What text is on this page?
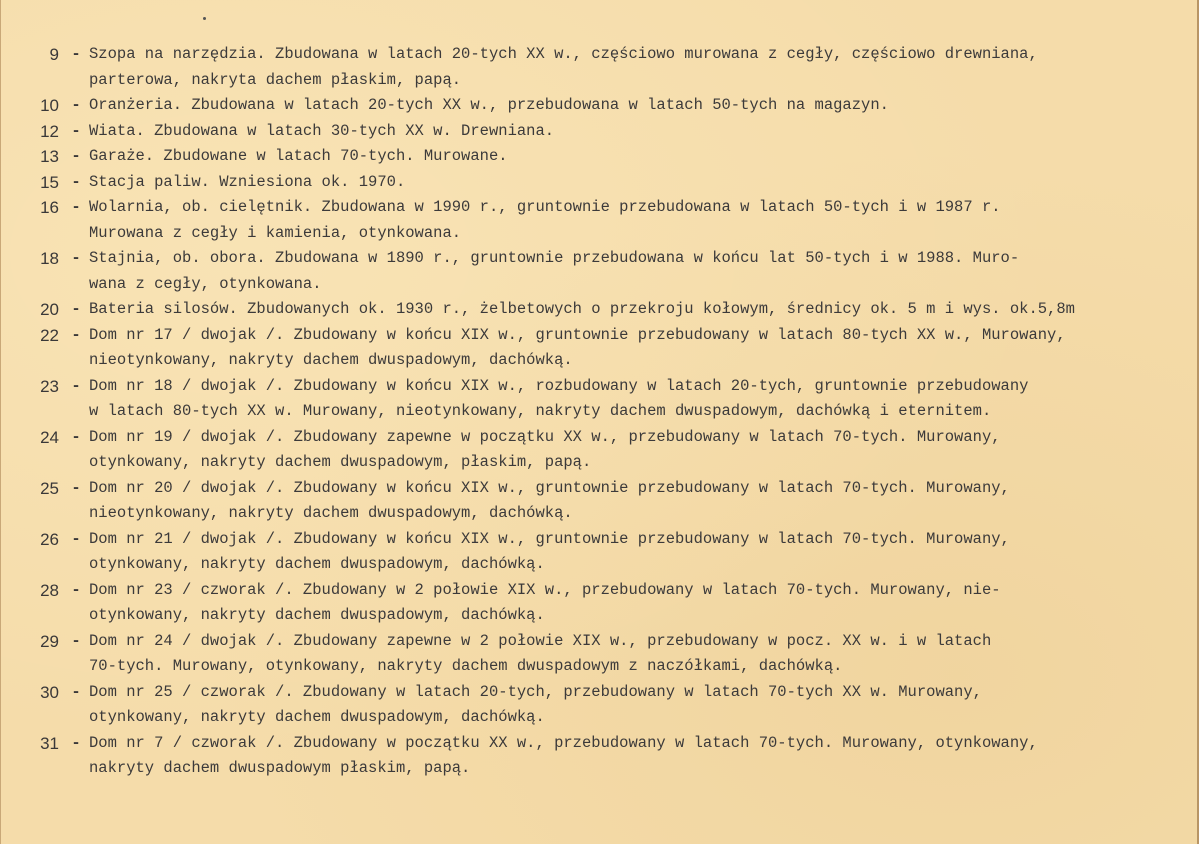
9 - Szopa na narzędzia. Zbudowana w latach 20-tych XX w., częściowo murowana z cegły, częściowo drewniana,
parterowa, nakryta dachem płaskim, papą.
10 - Oranżeria. Zbudowana w latach 20-tych XX w., przebudowana w latach 50-tych na magazyn.
12 - Wiata. Zbudowana w latach 30-tych XX w. Drewniana.
13 - Garaże. Zbudowane w latach 70-tych. Murowane.
15 - Stacja paliw. Wzniesiona ok. 1970.
16 - Wolarnia, ob. cielętnik. Zbudowana w 1990 r., gruntownie przebudowana w latach 50-tych i w 1987 r.
Murowana z cegły i kamienia, otynkowana.
18 - Stajnia, ob. obora. Zbudowana w 1890 r., gruntownie przebudowana w końcu lat 50-tych i w 1988. Muro-
wana z cegły, otynkowana.
20 - Bateria silosów. Zbudowanych ok. 1930 r., żelbetowych o przekroju kołowym, średnicy ok. 5 m i wys. ok.5,8m
22 - Dom nr 17 / dwojak /. Zbudowany w końcu XIX w., gruntownie przebudowany w latach 80-tych XX w., Murowany,
nieotynkowany, nakryty dachem dwuspadowym, dachówką.
23 - Dom nr 18 / dwojak /. Zbudowany w końcu XIX w., rozbudowany w latach 20-tych, gruntownie przebudowany
w latach 80-tych XX w. Murowany, nieotynkowany, nakryty dachem dwuspadowym, dachówką i eternitem.
24 - Dom nr 19 / dwojak /. Zbudowany zapewne w początku XX w., przebudowany w latach 70-tych. Murowany,
otynkowany, nakryty dachem dwuspadowym, płaskim, papą.
25 - Dom nr 20 / dwojak /. Zbudowany w końcu XIX w., gruntownie przebudowany w latach 70-tych. Murowany,
nieotynkowany, nakryty dachem dwuspadowym, dachówką.
26 - Dom nr 21 / dwojak /. Zbudowany w końcu XIX w., gruntownie przebudowany w latach 70-tych. Murowany,
otynkowany, nakryty dachem dwuspadowym, dachówką.
28 - Dom nr 23 / czworak /. Zbudowany w 2 połowie XIX w., przebudowany w latach 70-tych. Murowany, nie-
otynkowany, nakryty dachem dwuspadowym, dachówką.
29 - Dom nr 24 / dwojak /. Zbudowany zapewne w 2 połowie XIX w., przebudowany w pocz. XX w. i w latach
70-tych. Murowany, otynkowany, nakryty dachem dwuspadowym z naczółkami, dachówką.
30 - Dom nr 25 / czworak /. Zbudowany w latach 20-tych, przebudowany w latach 70-tych XX w. Murowany,
otynkowany, nakryty dachem dwuspadowym, dachówką.
31 - Dom nr 7 / czworak /. Zbudowany w początku XX w., przebudowany w latach 70-tych. Murowany, otynkowany,
nakryty dachem dwuspadowym płaskim, papą.
